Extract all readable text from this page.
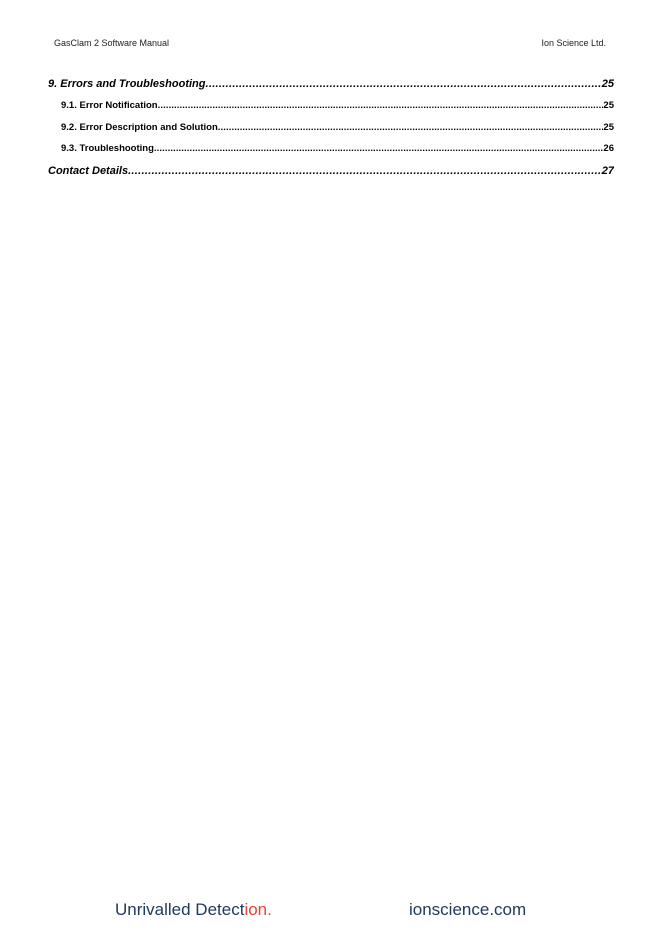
GasClam 2 Software Manual	Ion Science Ltd.
9. Errors and Troubleshooting .....	25
9.1. Error Notification .....	25
9.2. Error Description and Solution .....	25
9.3. Troubleshooting .....	26
Contact Details .....	27
Unrivalled Detection.	ionscience.com
